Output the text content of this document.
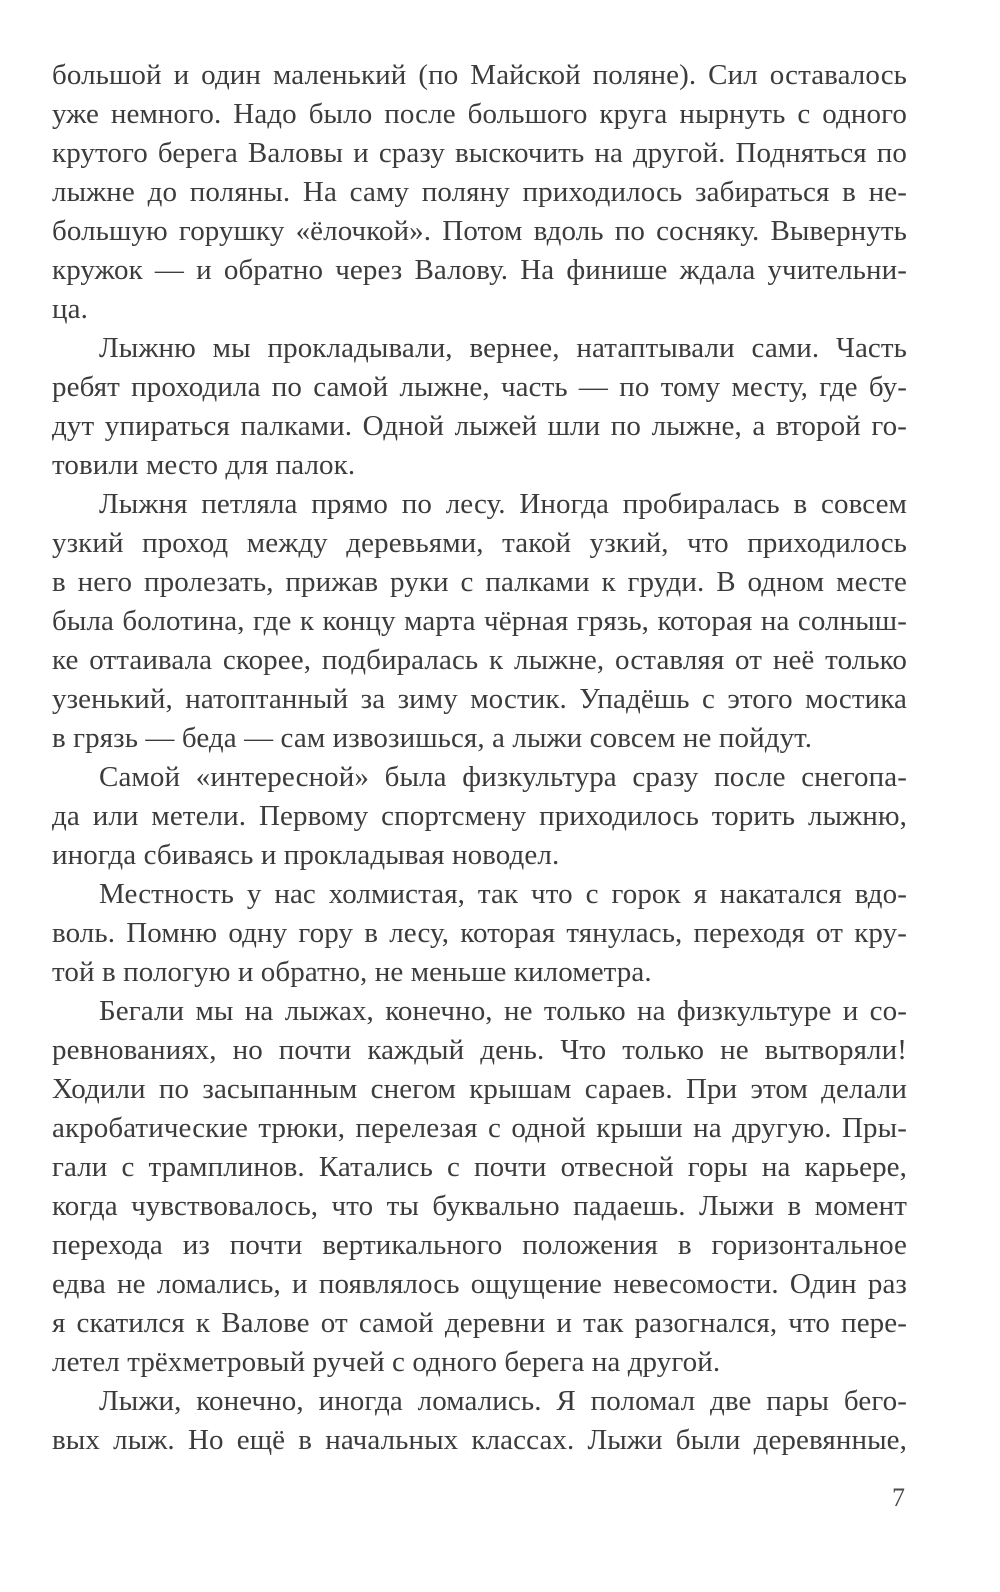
большой и один маленький (по Майской поляне). Сил оставалось
уже немного. Надо было после большого круга нырнуть с одного
крутого берега Валовы и сразу выскочить на другой. Подняться по
лыжне до поляны. На саму поляну приходилось забираться в не-
большую горушку «ёлочкой». Потом вдоль по сосняку. Вывернуть
кружок — и обратно через Валову. На финише ждала учительни-
ца.
Лыжню мы прокладывали, вернее, натаптывали сами. Часть
ребят проходила по самой лыжне, часть — по тому месту, где бу-
дут упираться палками. Одной лыжей шли по лыжне, а второй го-
товили место для палок.
Лыжня петляла прямо по лесу. Иногда пробиралась в совсем
узкий проход между деревьями, такой узкий, что приходилось
в него пролезать, прижав руки с палками к груди. В одном месте
была болотина, где к концу марта чёрная грязь, которая на солныш-
ке оттаивала скорее, подбиралась к лыжне, оставляя от неё только
узенький, натоптанный за зиму мостик. Упадёшь с этого мостика
в грязь — беда — сам извозишься, а лыжи совсем не пойдут.
Самой «интересной» была физкультура сразу после снегопа-
да или метели. Первому спортсмену приходилось торить лыжню,
иногда сбиваясь и прокладывая новодел.
Местность у нас холмистая, так что с горок я накатался вдо-
воль. Помню одну гору в лесу, которая тянулась, переходя от кру-
той в пологую и обратно, не меньше километра.
Бегали мы на лыжах, конечно, не только на физкультуре и со-
ревнованиях, но почти каждый день. Что только не вытворяли!
Ходили по засыпанным снегом крышам сараев. При этом делали
акробатические трюки, перелезая с одной крыши на другую. Пры-
гали с трамплинов. Катались с почти отвесной горы на карьере,
когда чувствовалось, что ты буквально падаешь. Лыжи в момент
перехода из почти вертикального положения в горизонтальное
едва не ломались, и появлялось ощущение невесомости. Один раз
я скатился к Валове от самой деревни и так разогнался, что пере-
летел трёхметровый ручей с одного берега на другой.
Лыжи, конечно, иногда ломались. Я поломал две пары бего-
вых лыж. Но ещё в начальных классах. Лыжи были деревянные,
7
